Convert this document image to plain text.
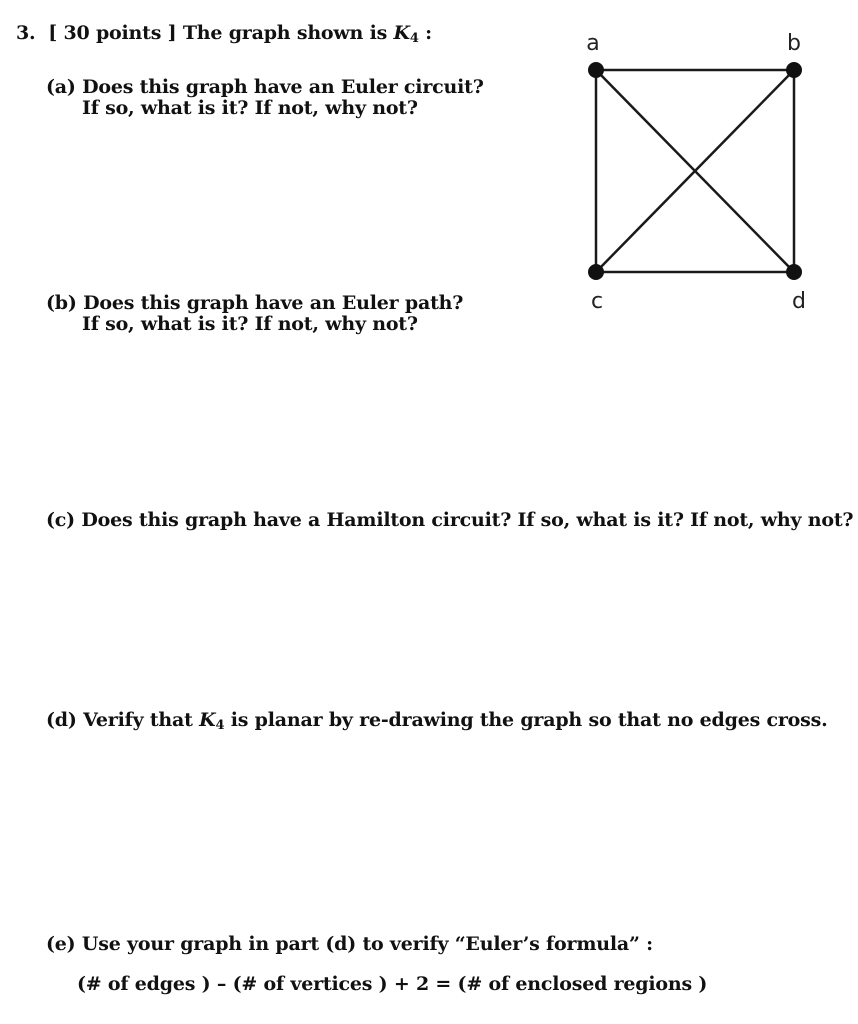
3. [ 30 points ] The graph shown is $K_4$ :
(a) Does this graph have an Euler circuit?
If so, what is it? If not, why not?
(b) Does this graph have an Euler path?
If so, what is it? If not, why not?
(c) Does this graph have a Hamilton circuit? If so, what is it? If not, why not?
(d) Verify that $K_4$ is planar by re-drawing the graph so that no edges cross.
(e) Use your graph in part (d) to verify “Euler’s formula” :
(# of edges ) – (# of vertices ) + 2 = (# of enclosed regions )
a	b
c	d
